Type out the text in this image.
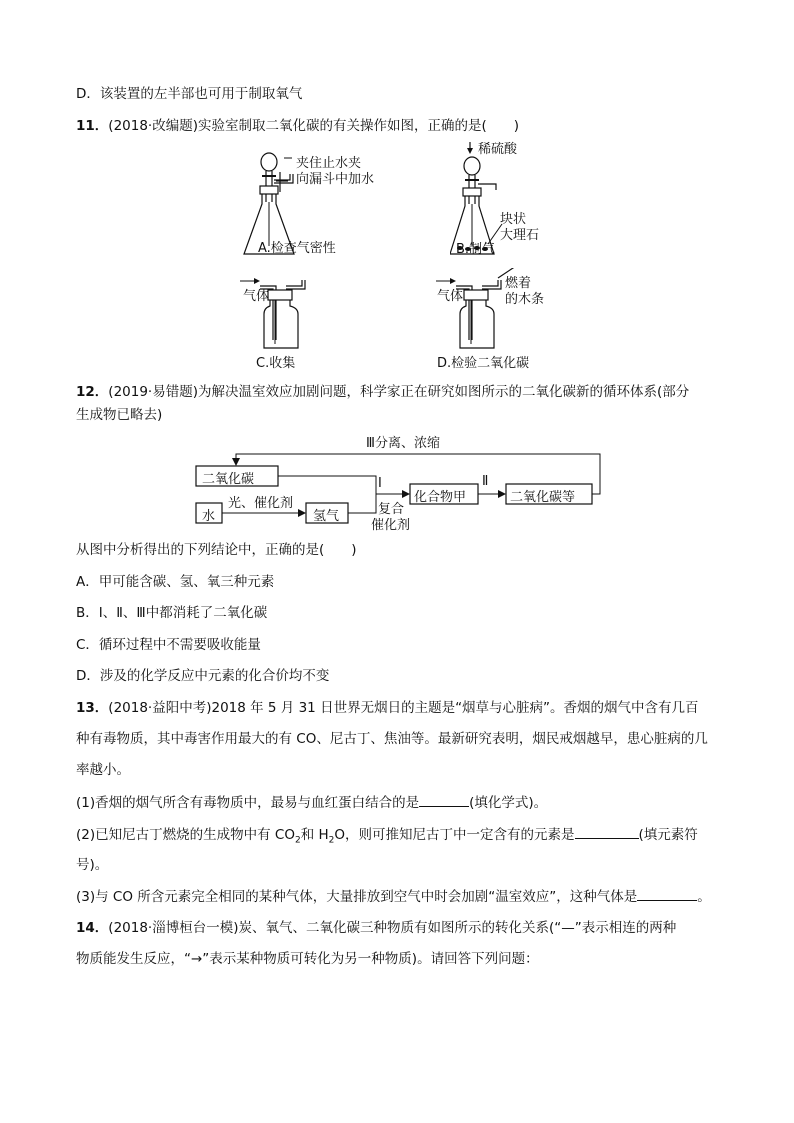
D．该装置的左半部也可用于制取氧气
11．(2018·改编题)实验室制取二氧化碳的有关操作如图，正确的是(　　)
夹住止水夹
向漏斗中加水
A.检查气密性
稀硫酸
块状
大理石
B.制气
气体
C.收集
气体
燃着
的木条
D.检验二氧化碳
12．(2019·易错题)为解决温室效应加剧问题，科学家正在研究如图所示的二氧化碳新的循环体系(部分
生成物已略去)
二氧化碳
水	氢气
化合物甲	二氧化碳等
光、催化剂
Ⅰ
复合
催化剂
Ⅱ
Ⅲ分离、浓缩
从图中分析得出的下列结论中，正确的是(　　)
A．甲可能含碳、氢、氧三种元素
B．Ⅰ、Ⅱ、Ⅲ中都消耗了二氧化碳
C．循环过程中不需要吸收能量
D．涉及的化学反应中元素的化合价均不变
13．(2018·益阳中考)2018 年 5 月 31 日世界无烟日的主题是“烟草与心脏病”。香烟的烟气中含有几百
种有毒物质，其中毒害作用最大的有 CO、尼古丁、焦油等。最新研究表明，烟民戒烟越早，患心脏病的几
率越小。
(1)香烟的烟气所含有毒物质中，最易与血红蛋白结合的是	(填化学式)。
(2)已知尼古丁燃烧的生成物中有 $CO_2$和 $H_2O$，则可推知尼古丁中一定含有的元素是	(填元素符
号)。
(3)与 CO 所含元素完全相同的某种气体，大量排放到空气中时会加剧“温室效应”，这种气体是	。
14．(2018·淄博桓台一模)炭、氧气、二氧化碳三种物质有如图所示的转化关系(“—”表示相连的两种
物质能发生反应，“→”表示某种物质可转化为另一种物质)。请回答下列问题：
